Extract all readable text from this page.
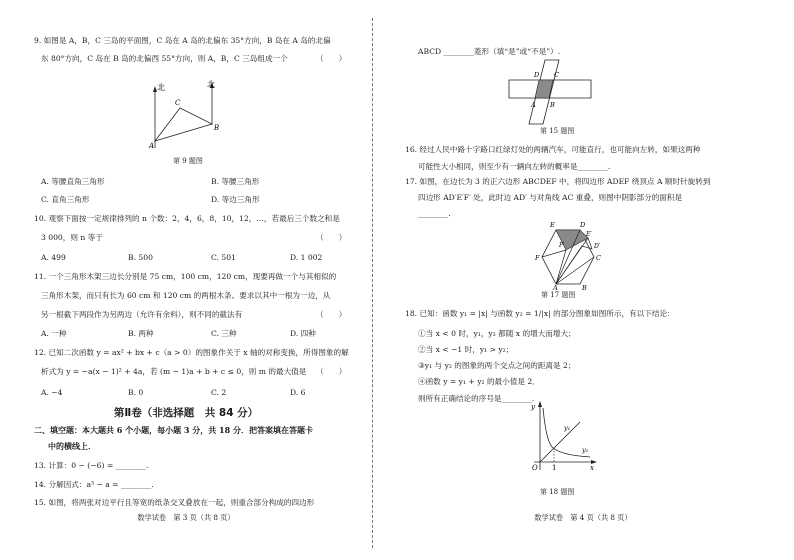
9. 如图是 A，B，C 三岛的平面图，C 岛在 A 岛的北偏东 35°方向，B 岛在 A 岛的北偏
东 80°方向，C 岛在 B 岛的北偏西 55°方向，则 A，B，C 三岛组成一个	（　　）
北	北
A
B
C
第 9 题图
A. 等腰直角三角形	B. 等腰三角形
C. 直角三角形	D. 等边三角形
10. 观察下面按一定规律排列的 n 个数：2，4，6，8，10，12，…，若最后三个数之和是
3 000，则 n 等于	（　　）
A. 499	B. 500	C. 501	D. 1 002
11. 一个三角形木架三边长分别是 75 cm，100 cm，120 cm，现要再做一个与其相似的
三角形木架，而只有长为 60 cm 和 120 cm 的两根木条。要求以其中一根为一边，从
另一根截下两段作为另两边（允许有余料），则不同的截法有	（　　）
A. 一种	B. 两种	C. 三种	D. 四种
12. 已知二次函数 y = ax² + bx + c（a > 0）的图象作关于 x 轴的对称变换，所得图象的解
析式为 y = −a(x − 1)² + 4a，若 (m − 1)a + b + c ≤ 0，则 m 的最大值是 （　　）
A. −4	B. 0	C. 2	D. 6
第Ⅱ卷（非选择题　共 84 分）
二、填空题：本大题共 6 个小题，每小题 3 分，共 18 分．把答案填在答题卡
中的横线上．
13. 计算：0 − (−6) = ________.
14. 分解因式：a³ − a = ________.
15. 如图，将两张对边平行且等宽的纸条交叉叠放在一起，则重合部分构成的四边形
数学试卷　第 3 页（共 8 页）
ABCD ________菱形（填“是”或“不是”）.
A B
C
D
第 15 题图
16. 经过人民中路十字路口红绿灯处的两辆汽车，可能直行，也可能向左转，如果这两种
可能性大小相同，则至少有一辆向左转的概率是________.
17. 如图，在边长为 3 的正六边形 ABCDEF 中，将四边形 ADEF 绕顶点 A 顺时针旋转到
四边形 AD′E′F′ 处，此时边 AD′ 与对角线 AC 重叠，则图中阴影部分的面积是
________.
A	B
C
D
E
F
D′
E′
F′
第 17 题图
18. 已知：函数 y₁ = |x| 与函数 y₂ = 1/|x| 的部分图象如图所示，有以下结论：
①当 x < 0 时，y₁，y₂ 都随 x 的增大而增大；
②当 x < −1 时，y₁ > y₂；
③y₁ 与 y₂ 的图象的两个交点之间的距离是 2；
④函数 y = y₁ + y₂ 的最小值是 2．
则所有正确结论的序号是________.
y
x
O 1
y₁
y₂
第 18 题图
数学试卷　第 4 页（共 8 页）
